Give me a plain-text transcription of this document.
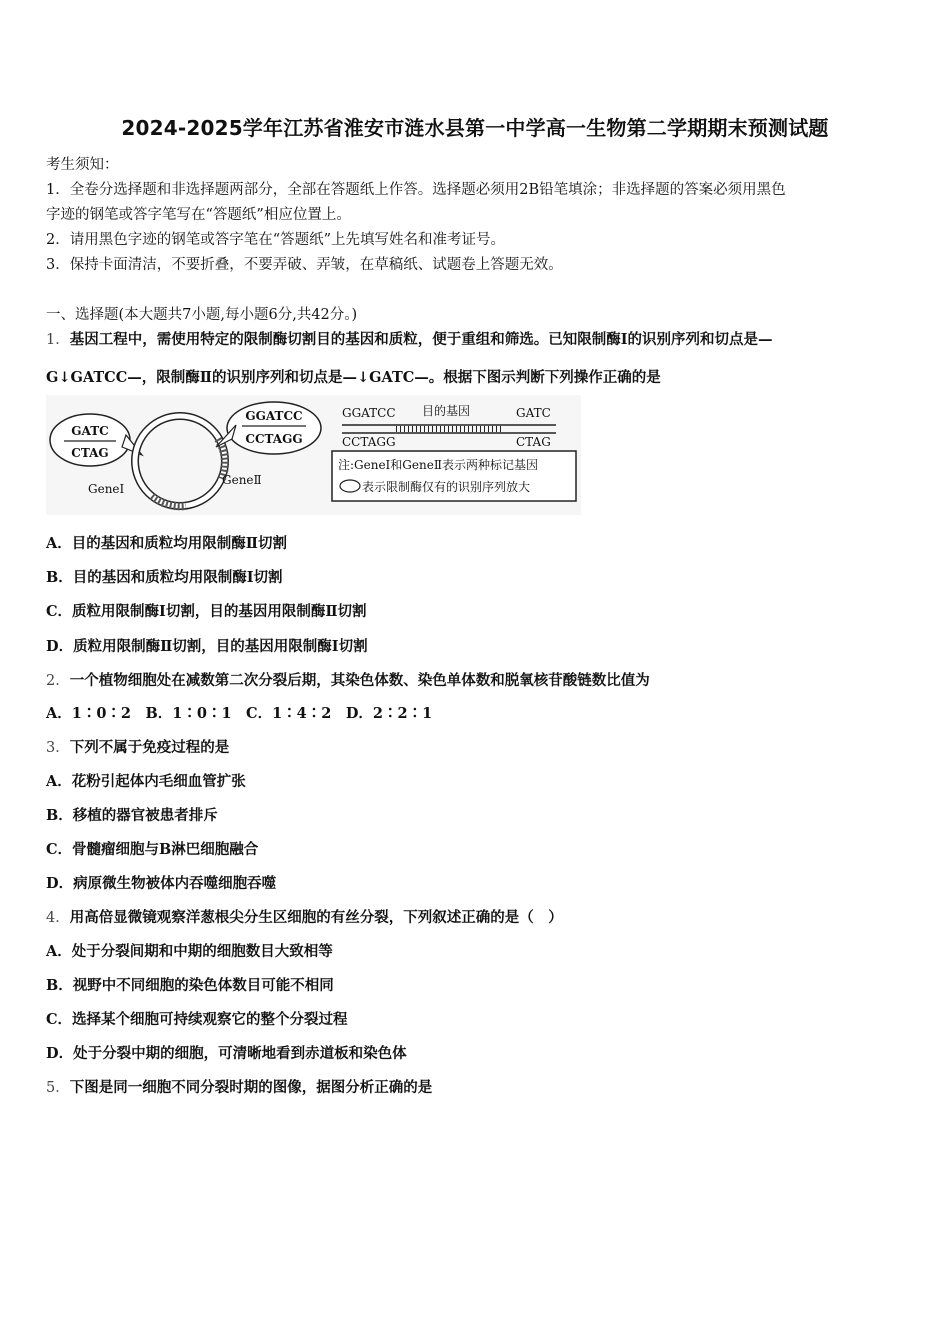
2024-2025学年江苏省淮安市涟水县第一中学高一生物第二学期期末预测试题
考生须知：
1．全卷分选择题和非选择题两部分，全部在答题纸上作答。选择题必须用2B铅笔填涂；非选择题的答案必须用黑色
字迹的钢笔或答字笔写在“答题纸”相应位置上。
2．请用黑色字迹的钢笔或答字笔在“答题纸”上先填写姓名和准考证号。
3．保持卡面清洁，不要折叠，不要弄破、弄皱，在草稿纸、试题卷上答题无效。
一、选择题(本大题共7小题,每小题6分,共42分。)
1．基因工程中，需使用特定的限制酶切割目的基因和质粒，便于重组和筛选。已知限制酶Ⅰ的识别序列和切点是—
G↓GATCC—，限制酶Ⅱ的识别序列和切点是—↓GATC—。根据下图示判断下列操作正确的是
GATC
CTAG
GeneⅠ
GeneⅡ
GGATCC
CCTAGG
GGATCC 目的基因	GATC
CCTAGG	CTAG
注:GeneⅠ和GeneⅡ表示两种标记基因
表示限制酶仅有的识别序列放大
A．目的基因和质粒均用限制酶Ⅱ切割
B．目的基因和质粒均用限制酶Ⅰ切割
C．质粒用限制酶Ⅰ切割，目的基因用限制酶Ⅱ切割
D．质粒用限制酶Ⅱ切割，目的基因用限制酶Ⅰ切割
2．一个植物细胞处在减数第二次分裂后期，其染色体数、染色单体数和脱氧核苷酸链数比值为
A．1∶0∶2　B．1∶0∶1　C．1∶4∶2　D．2∶2∶1
3．下列不属于免疫过程的是
A．花粉引起体内毛细血管扩张
B．移植的器官被患者排斥
C．骨髓瘤细胞与B淋巴细胞融合
D．病原微生物被体内吞噬细胞吞噬
4．用高倍显微镜观察洋葱根尖分生区细胞的有丝分裂，下列叙述正确的是（　）
A．处于分裂间期和中期的细胞数目大致相等
B．视野中不同细胞的染色体数目可能不相同
C．选择某个细胞可持续观察它的整个分裂过程
D．处于分裂中期的细胞，可清晰地看到赤道板和染色体
5．下图是同一细胞不同分裂时期的图像，据图分析正确的是
